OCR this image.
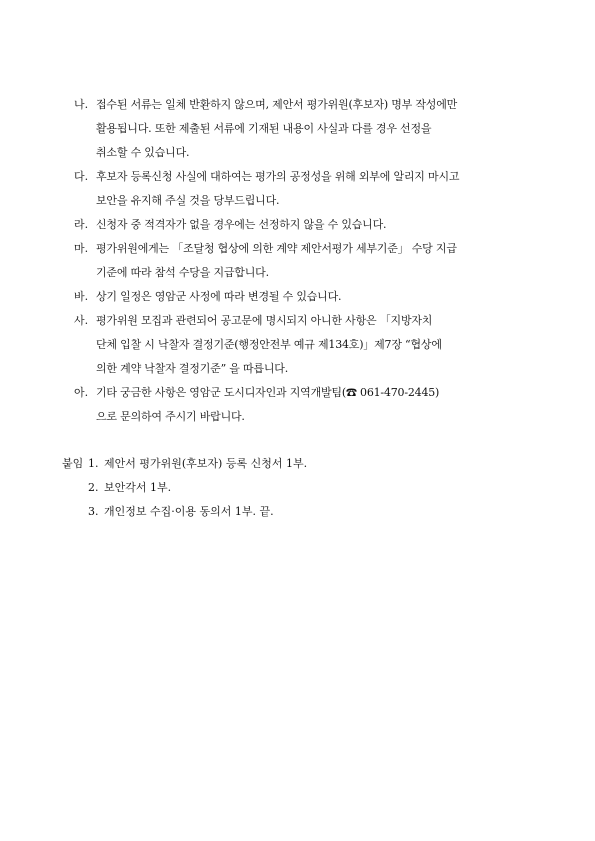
나. 접수된 서류는 일체 반환하지 않으며, 제안서 평가위원(후보자) 명부 작성에만
활용됩니다. 또한 제출된 서류에 기재된 내용이 사실과 다를 경우 선정을
취소할 수 있습니다.
다. 후보자 등록신청 사실에 대하여는 평가의 공정성을 위해 외부에 알리지 마시고
보안을 유지해 주실 것을 당부드립니다.
라. 신청자 중 적격자가 없을 경우에는 선정하지 않을 수 있습니다.
마. 평가위원에게는 「조달청 협상에 의한 계약 제안서평가 세부기준」 수당 지급
기준에 따라 참석 수당을 지급합니다.
바. 상기 일정은 영암군 사정에 따라 변경될 수 있습니다.
사. 평가위원 모집과 관련되어 공고문에 명시되지 아니한 사항은 「지방자치
단체 입찰 시 낙찰자 결정기준(행정안전부 예규 제134호)」제7장 “협상에
의한 계약 낙찰자 결정기준” 을 따릅니다.
아. 기타 궁금한 사항은 영암군 도시디자인과 지역개발팀(☎ 061-470-2445)
으로 문의하여 주시기 바랍니다.
붙임 1. 제안서 평가위원(후보자) 등록 신청서 1부.
2. 보안각서 1부.
3. 개인정보 수집·이용 동의서 1부. 끝.
